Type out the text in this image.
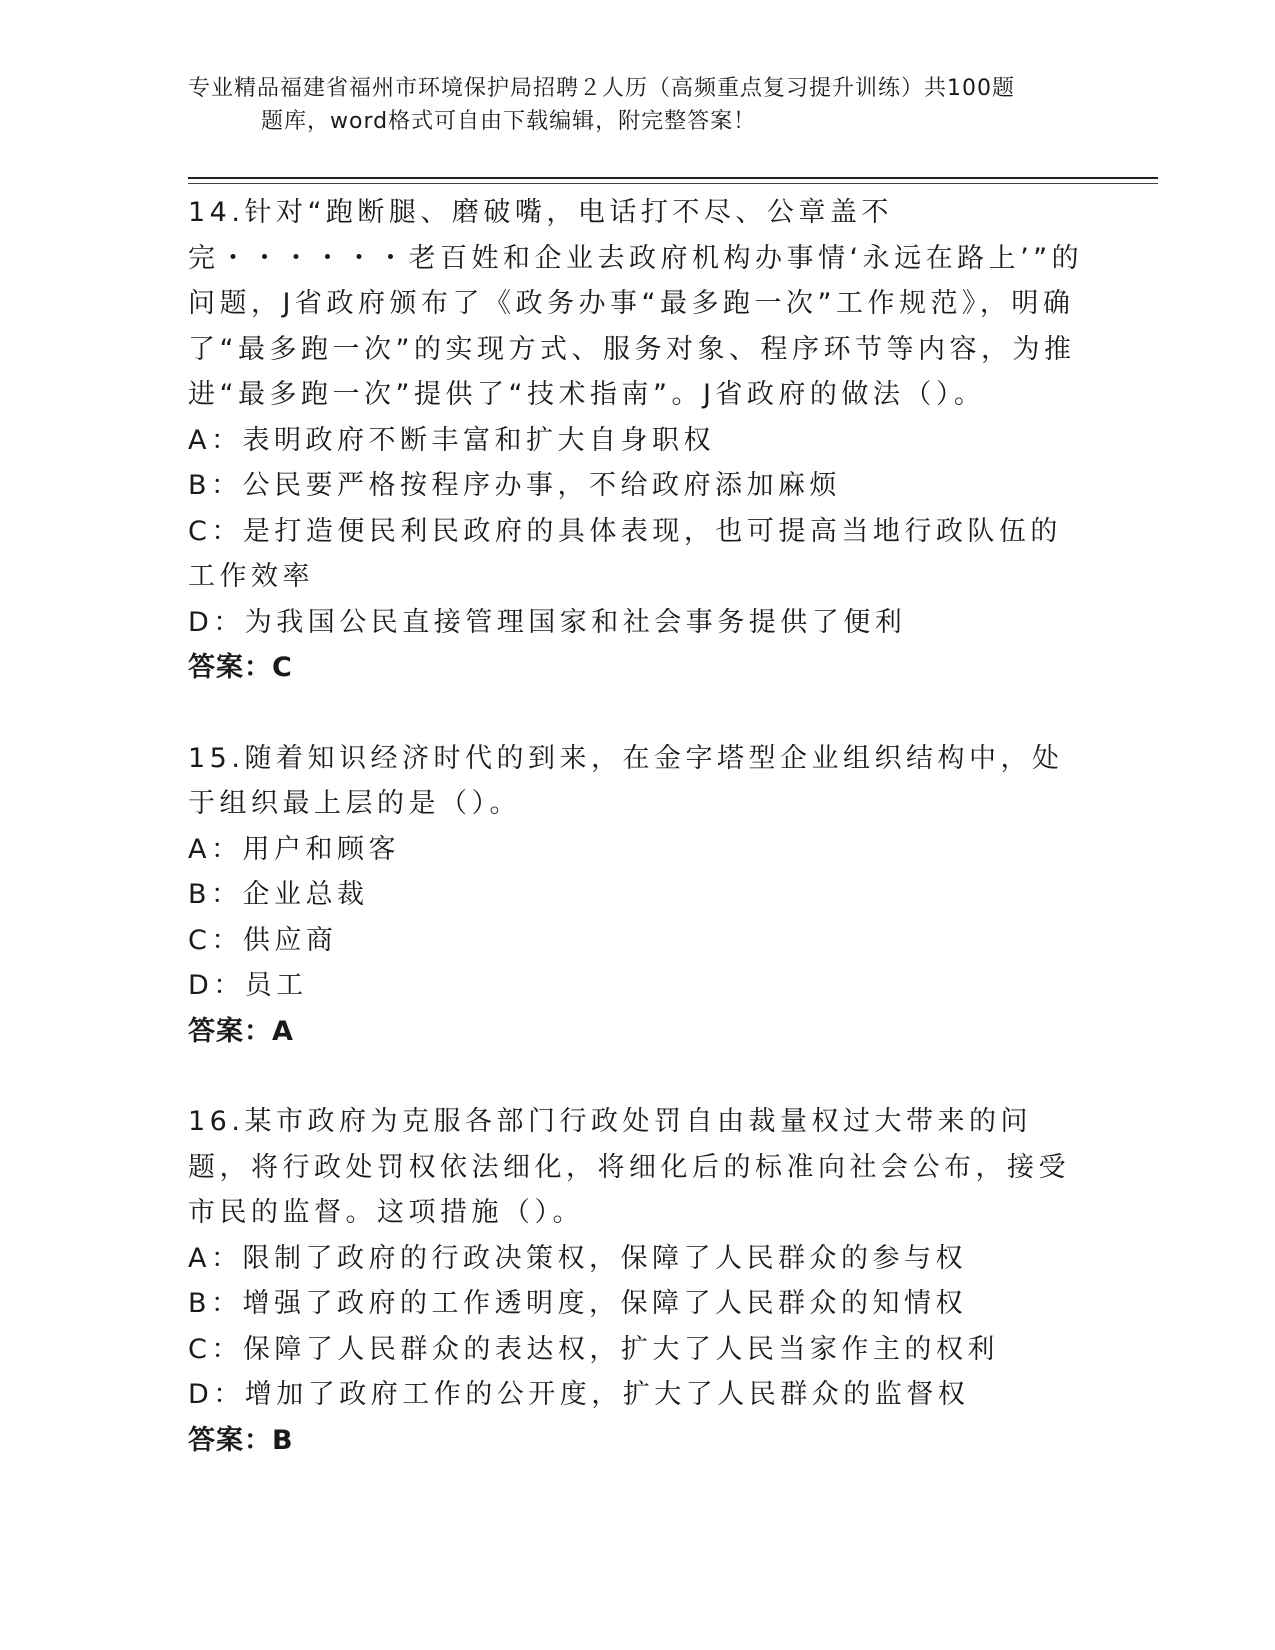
专业精品福建省福州市环境保护局招聘２人历（高频重点复习提升训练）共100题
题库，word格式可自由下载编辑，附完整答案！
14.针对“跑断腿、磨破嘴，电话打不尽、公章盖不完・・・・・・老百姓和企业去政府机构办事情‘永远在路上’”的问题，J省政府颁布了《政务办事“最多跑一次”工作规范》，明确了“最多跑一次”的实现方式、服务对象、程序环节等内容，为推进“最多跑一次”提供了“技术指南”。J省政府的做法（）。
A：表明政府不断丰富和扩大自身职权
B：公民要严格按程序办事，不给政府添加麻烦
C：是打造便民利民政府的具体表现，也可提高当地行政队伍的工作效率
D：为我国公民直接管理国家和社会事务提供了便利
答案：C
15.随着知识经济时代的到来，在金字塔型企业组织结构中，处于组织最上层的是（）。
A：用户和顾客
B：企业总裁
C：供应商
D：员工
答案：A
16.某市政府为克服各部门行政处罚自由裁量权过大带来的问题，将行政处罚权依法细化，将细化后的标准向社会公布，接受市民的监督。这项措施（）。
A：限制了政府的行政决策权，保障了人民群众的参与权
B：增强了政府的工作透明度，保障了人民群众的知情权
C：保障了人民群众的表达权，扩大了人民当家作主的权利
D：增加了政府工作的公开度，扩大了人民群众的监督权
答案：B
